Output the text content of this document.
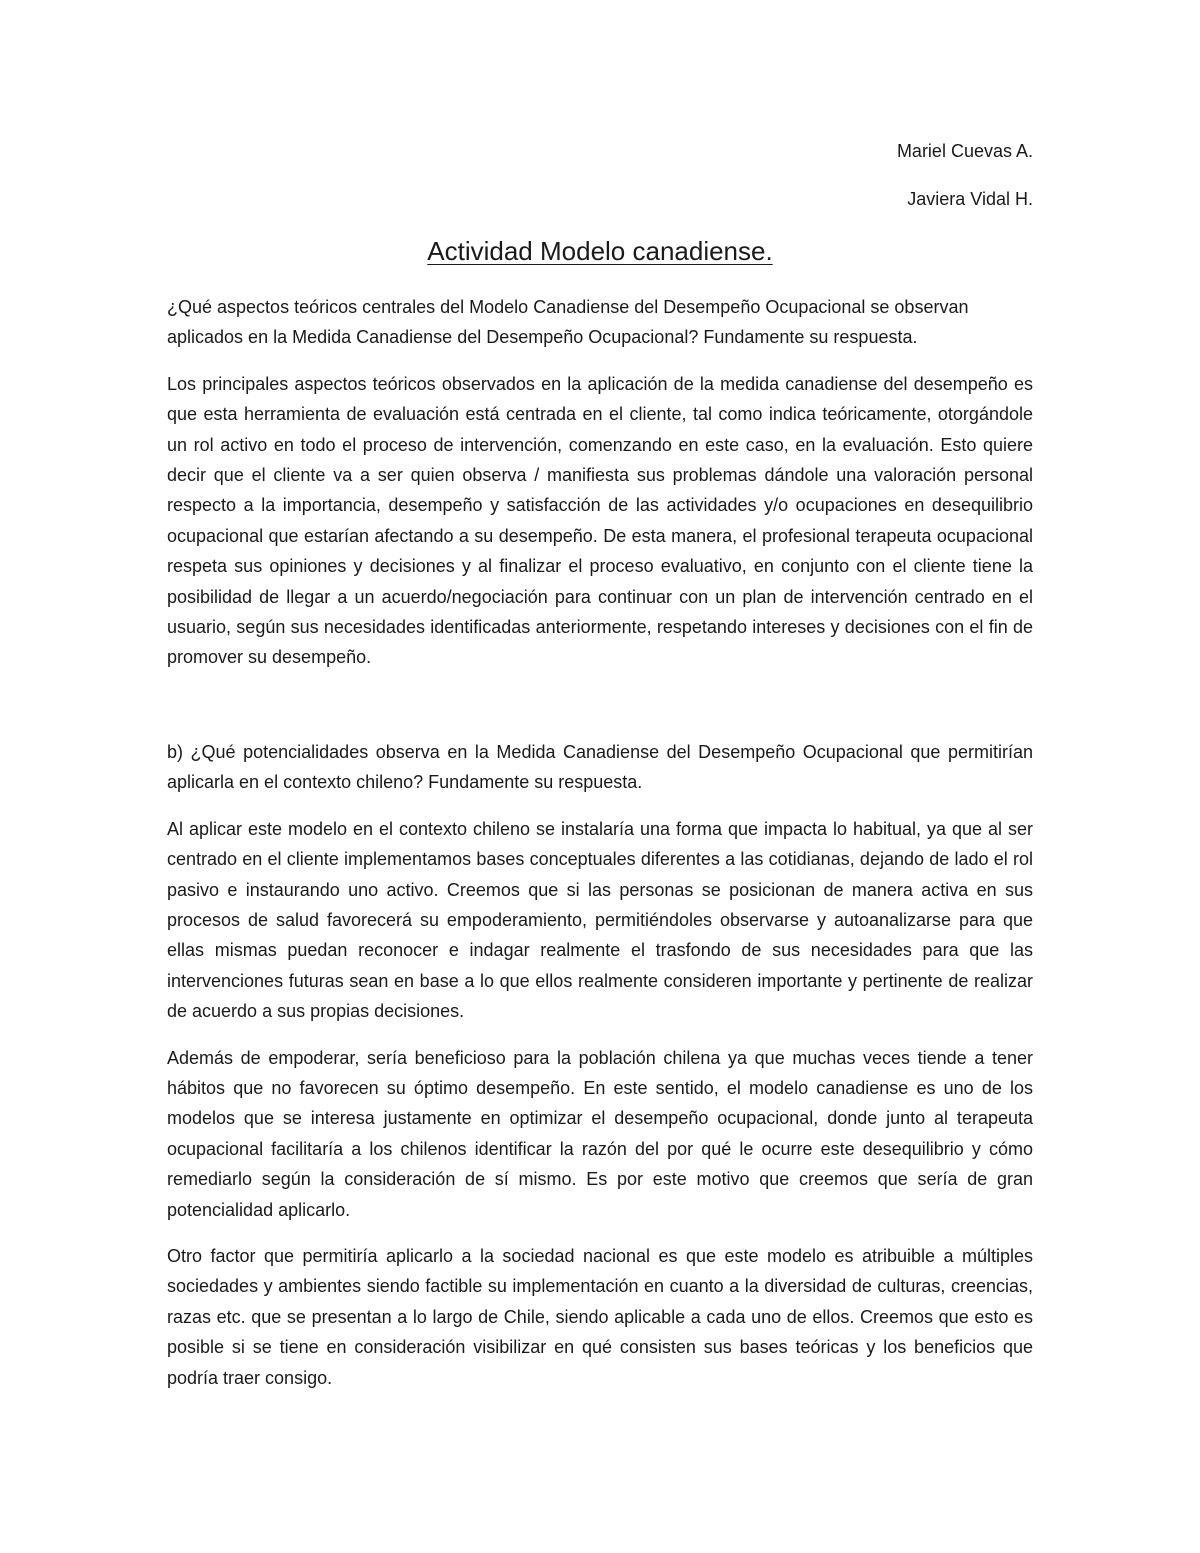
Mariel Cuevas A.
Javiera Vidal H.
Actividad Modelo canadiense.

¿Qué aspectos teóricos centrales del Modelo Canadiense del Desempeño Ocupacional se observan aplicados en la Medida Canadiense del Desempeño Ocupacional? Fundamente su respuesta.

Los principales aspectos teóricos observados en la aplicación de la medida canadiense del desempeño es que esta herramienta de evaluación está centrada en el cliente, tal como indica teóricamente, otorgándole un rol activo en todo el proceso de intervención, comenzando en este caso, en la evaluación. Esto quiere decir que el cliente va a ser quien observa / manifiesta sus problemas dándole una valoración personal respecto a la importancia, desempeño y satisfacción de las actividades y/o ocupaciones en desequilibrio ocupacional que estarían afectando a su desempeño. De esta manera, el profesional terapeuta ocupacional respeta sus opiniones y decisiones y al finalizar el proceso evaluativo, en conjunto con el cliente tiene la posibilidad de llegar a un acuerdo/negociación para continuar con un plan de intervención centrado en el usuario, según sus necesidades identificadas anteriormente, respetando intereses y decisiones con el fin de promover su desempeño.

b) ¿Qué potencialidades observa en la Medida Canadiense del Desempeño Ocupacional que permitirían aplicarla en el contexto chileno? Fundamente su respuesta.

Al aplicar este modelo en el contexto chileno se instalaría una forma que impacta lo habitual, ya que al ser centrado en el cliente implementamos bases conceptuales diferentes a las cotidianas, dejando de lado el rol pasivo e instaurando uno activo. Creemos que si las personas se posicionan de manera activa en sus procesos de salud favorecerá su empoderamiento, permitiéndoles observarse y autoanalizarse para que ellas mismas puedan reconocer e indagar realmente el trasfondo de sus necesidades para que las intervenciones futuras sean en base a lo que ellos realmente consideren importante y pertinente de realizar de acuerdo a sus propias decisiones.

Además de empoderar, sería beneficioso para la población chilena ya que muchas veces tiende a tener hábitos que no favorecen su óptimo desempeño. En este sentido, el modelo canadiense es uno de los modelos que se interesa justamente en optimizar el desempeño ocupacional, donde junto al terapeuta ocupacional facilitaría a los chilenos identificar la razón del por qué le ocurre este desequilibrio y cómo remediarlo según la consideración de sí mismo. Es por este motivo que creemos que sería de gran potencialidad aplicarlo.

Otro factor que permitiría aplicarlo a la sociedad nacional es que este modelo es atribuible a múltiples sociedades y ambientes siendo factible su implementación en cuanto a la diversidad de culturas, creencias, razas etc. que se presentan a lo largo de Chile, siendo aplicable a cada uno de ellos. Creemos que esto es posible si se tiene en consideración visibilizar en qué consisten sus bases teóricas y los beneficios que podría traer consigo.
